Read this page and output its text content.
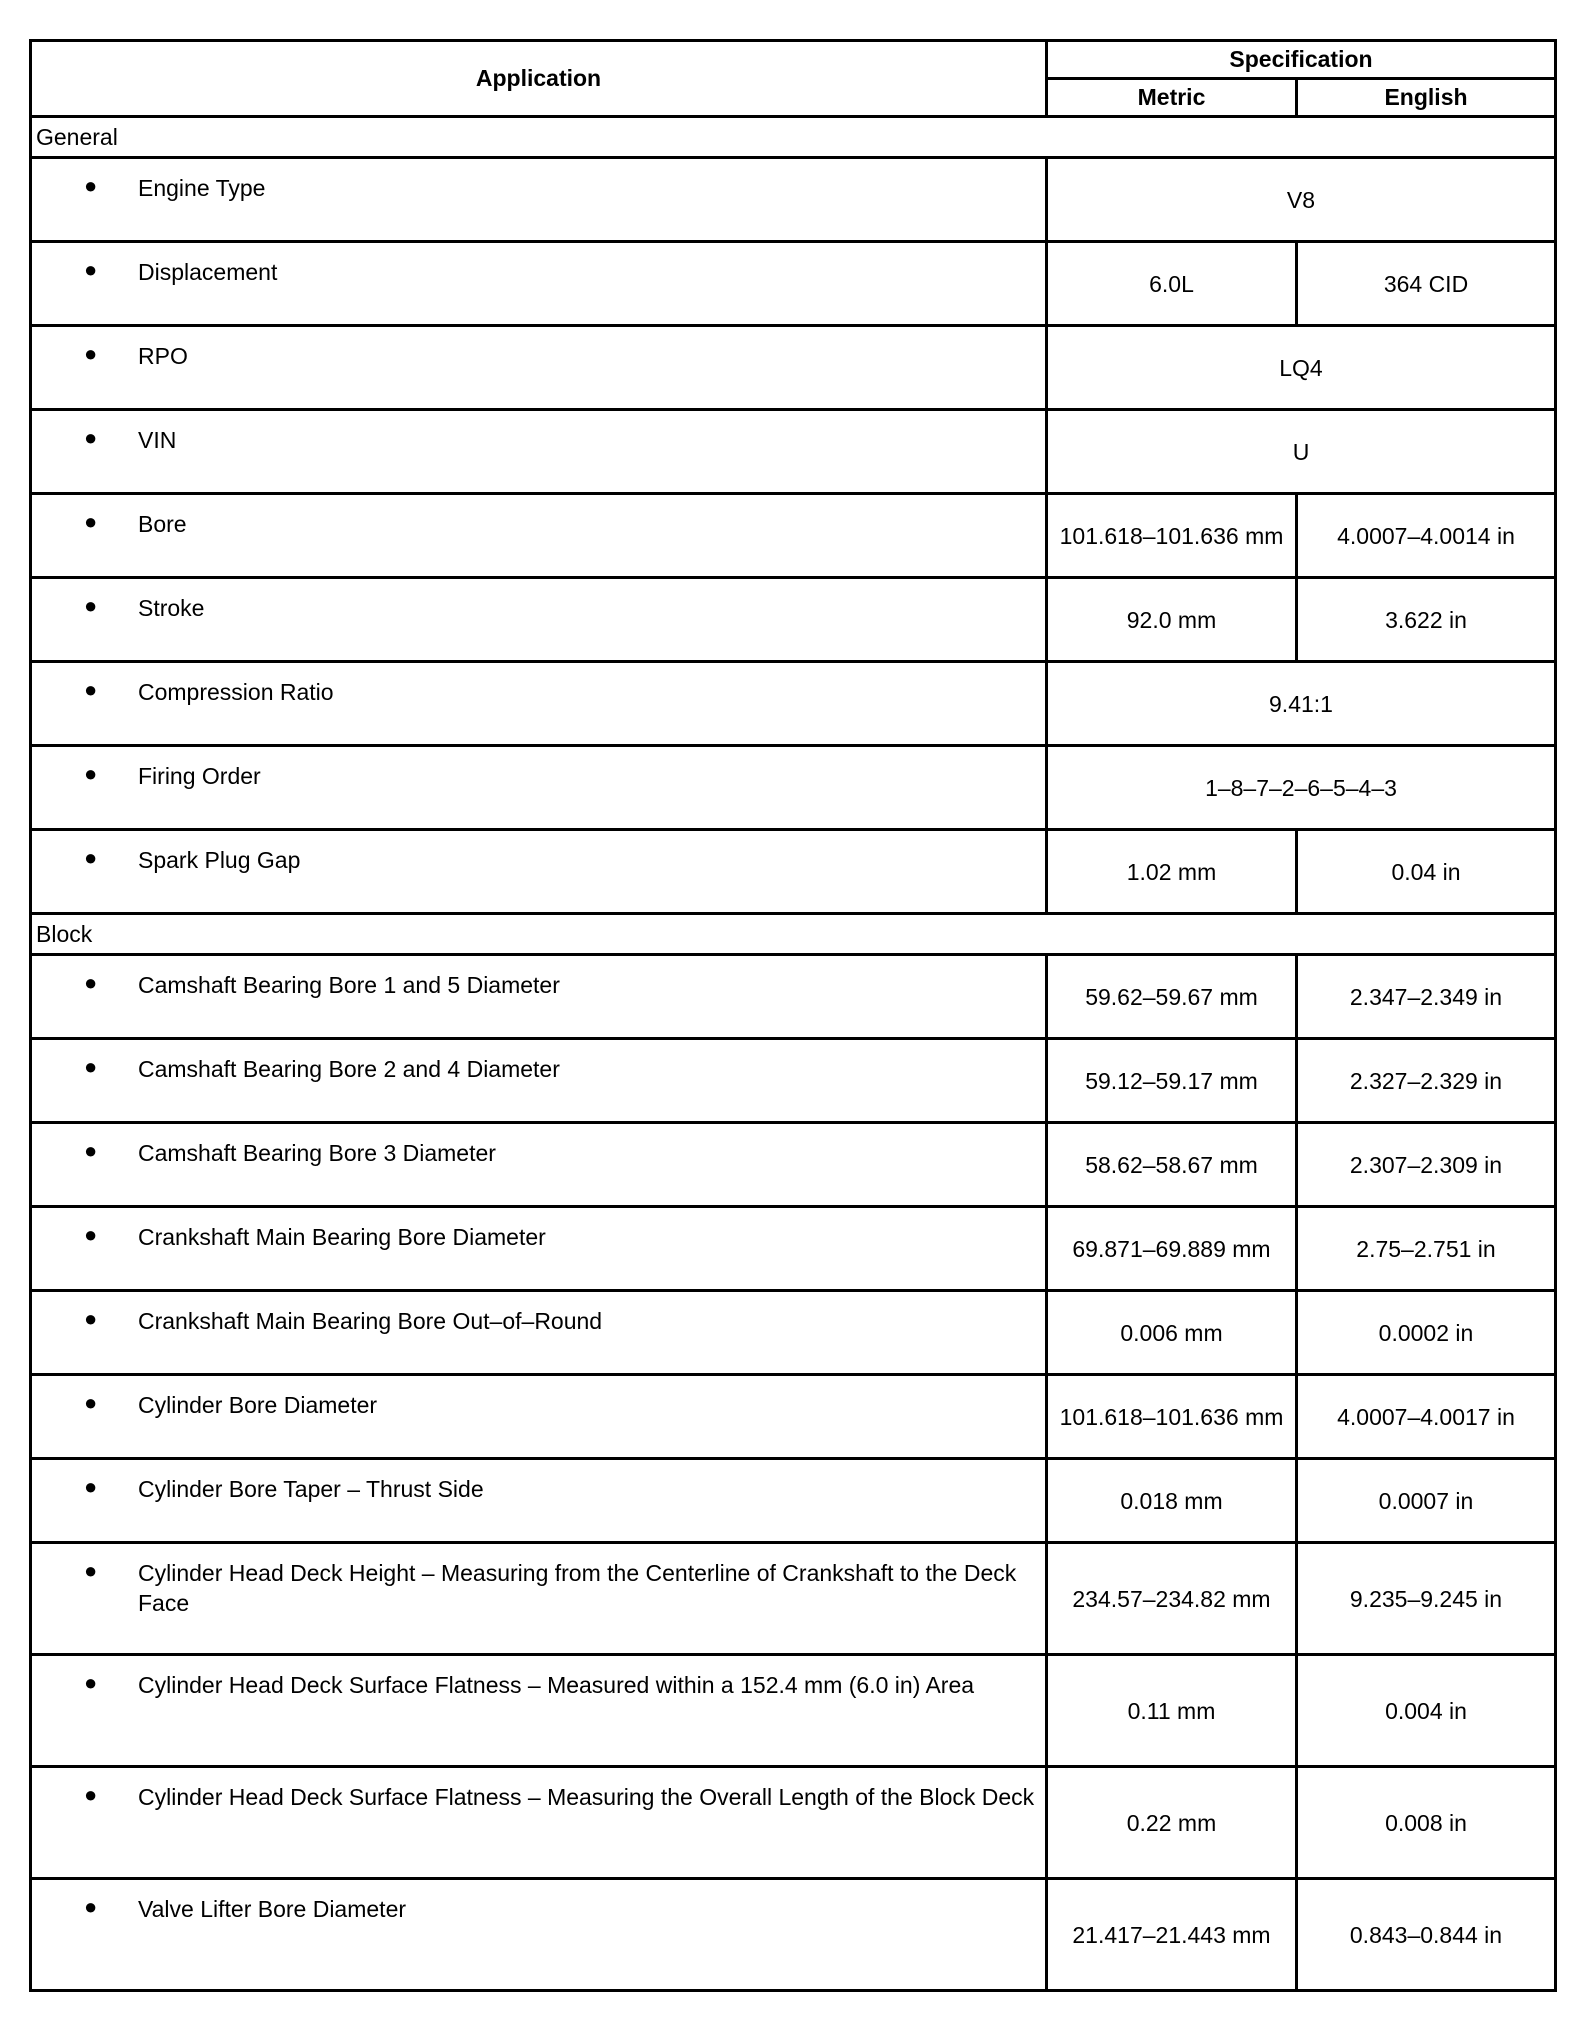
Application	Specification	
	Metric	English
General		

● Engine Type	V8	

● Displacement	6.0L	364 CID

● RPO	LQ4	

● VIN	U	

● Bore	101.618–101.636 mm	4.0007–4.0014 in

● Stroke	92.0 mm	3.622 in

● Compression Ratio	9.41:1	

● Firing Order	1–8–7–2–6–5–4–3	

● Spark Plug Gap	1.02 mm	0.04 in
Block		

● Camshaft Bearing Bore 1 and 5 Diameter	59.62–59.67 mm	2.347–2.349 in

● Camshaft Bearing Bore 2 and 4 Diameter	59.12–59.17 mm	2.327–2.329 in

● Camshaft Bearing Bore 3 Diameter	58.62–58.67 mm	2.307–2.309 in

● Crankshaft Main Bearing Bore Diameter	69.871–69.889 mm	2.75–2.751 in

● Crankshaft Main Bearing Bore Out–of–Round	0.006 mm	0.0002 in

● Cylinder Bore Diameter	101.618–101.636 mm	4.0007–4.0017 in

● Cylinder Bore Taper – Thrust Side	0.018 mm	0.0007 in

● Cylinder Head Deck Height – Measuring from the Centerline of Crankshaft to the Deck Face	234.57–234.82 mm	9.235–9.245 in

● Cylinder Head Deck Surface Flatness – Measured within a 152.4 mm (6.0 in) Area	0.11 mm	0.004 in

● Cylinder Head Deck Surface Flatness – Measuring the Overall Length of the Block Deck	0.22 mm	0.008 in

● Valve Lifter Bore Diameter	21.417–21.443 mm	0.843–0.844 in
